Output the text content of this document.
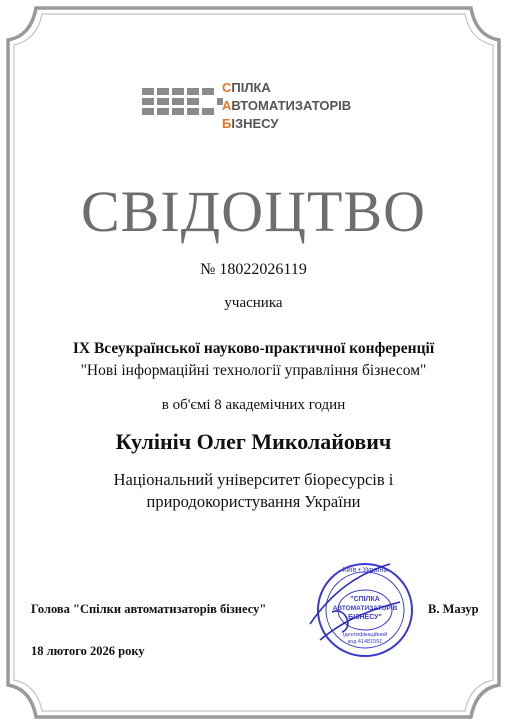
СПІЛКА
АВТОМАТИЗАТОРІВ
БІЗНЕСУ
СВІДОЦТВО
№ 18022026119
учасника
IX Всеукраїнської науково-практичної конференції
"Нові інформаційні технології управління бізнесом"
в об'ємі 8 академічних годин
Кулініч Олег Миколайович
Національний університет біоресурсів і
природокористування України
Київ • Україна
"СПІЛКА
АВТОМАТИЗАТОРІВ
БІЗНЕСУ"
Ідентифікаційний
код 41481591
Голова "Спілки автоматизаторів бізнесу"	В. Мазур
18 лютого 2026 року
